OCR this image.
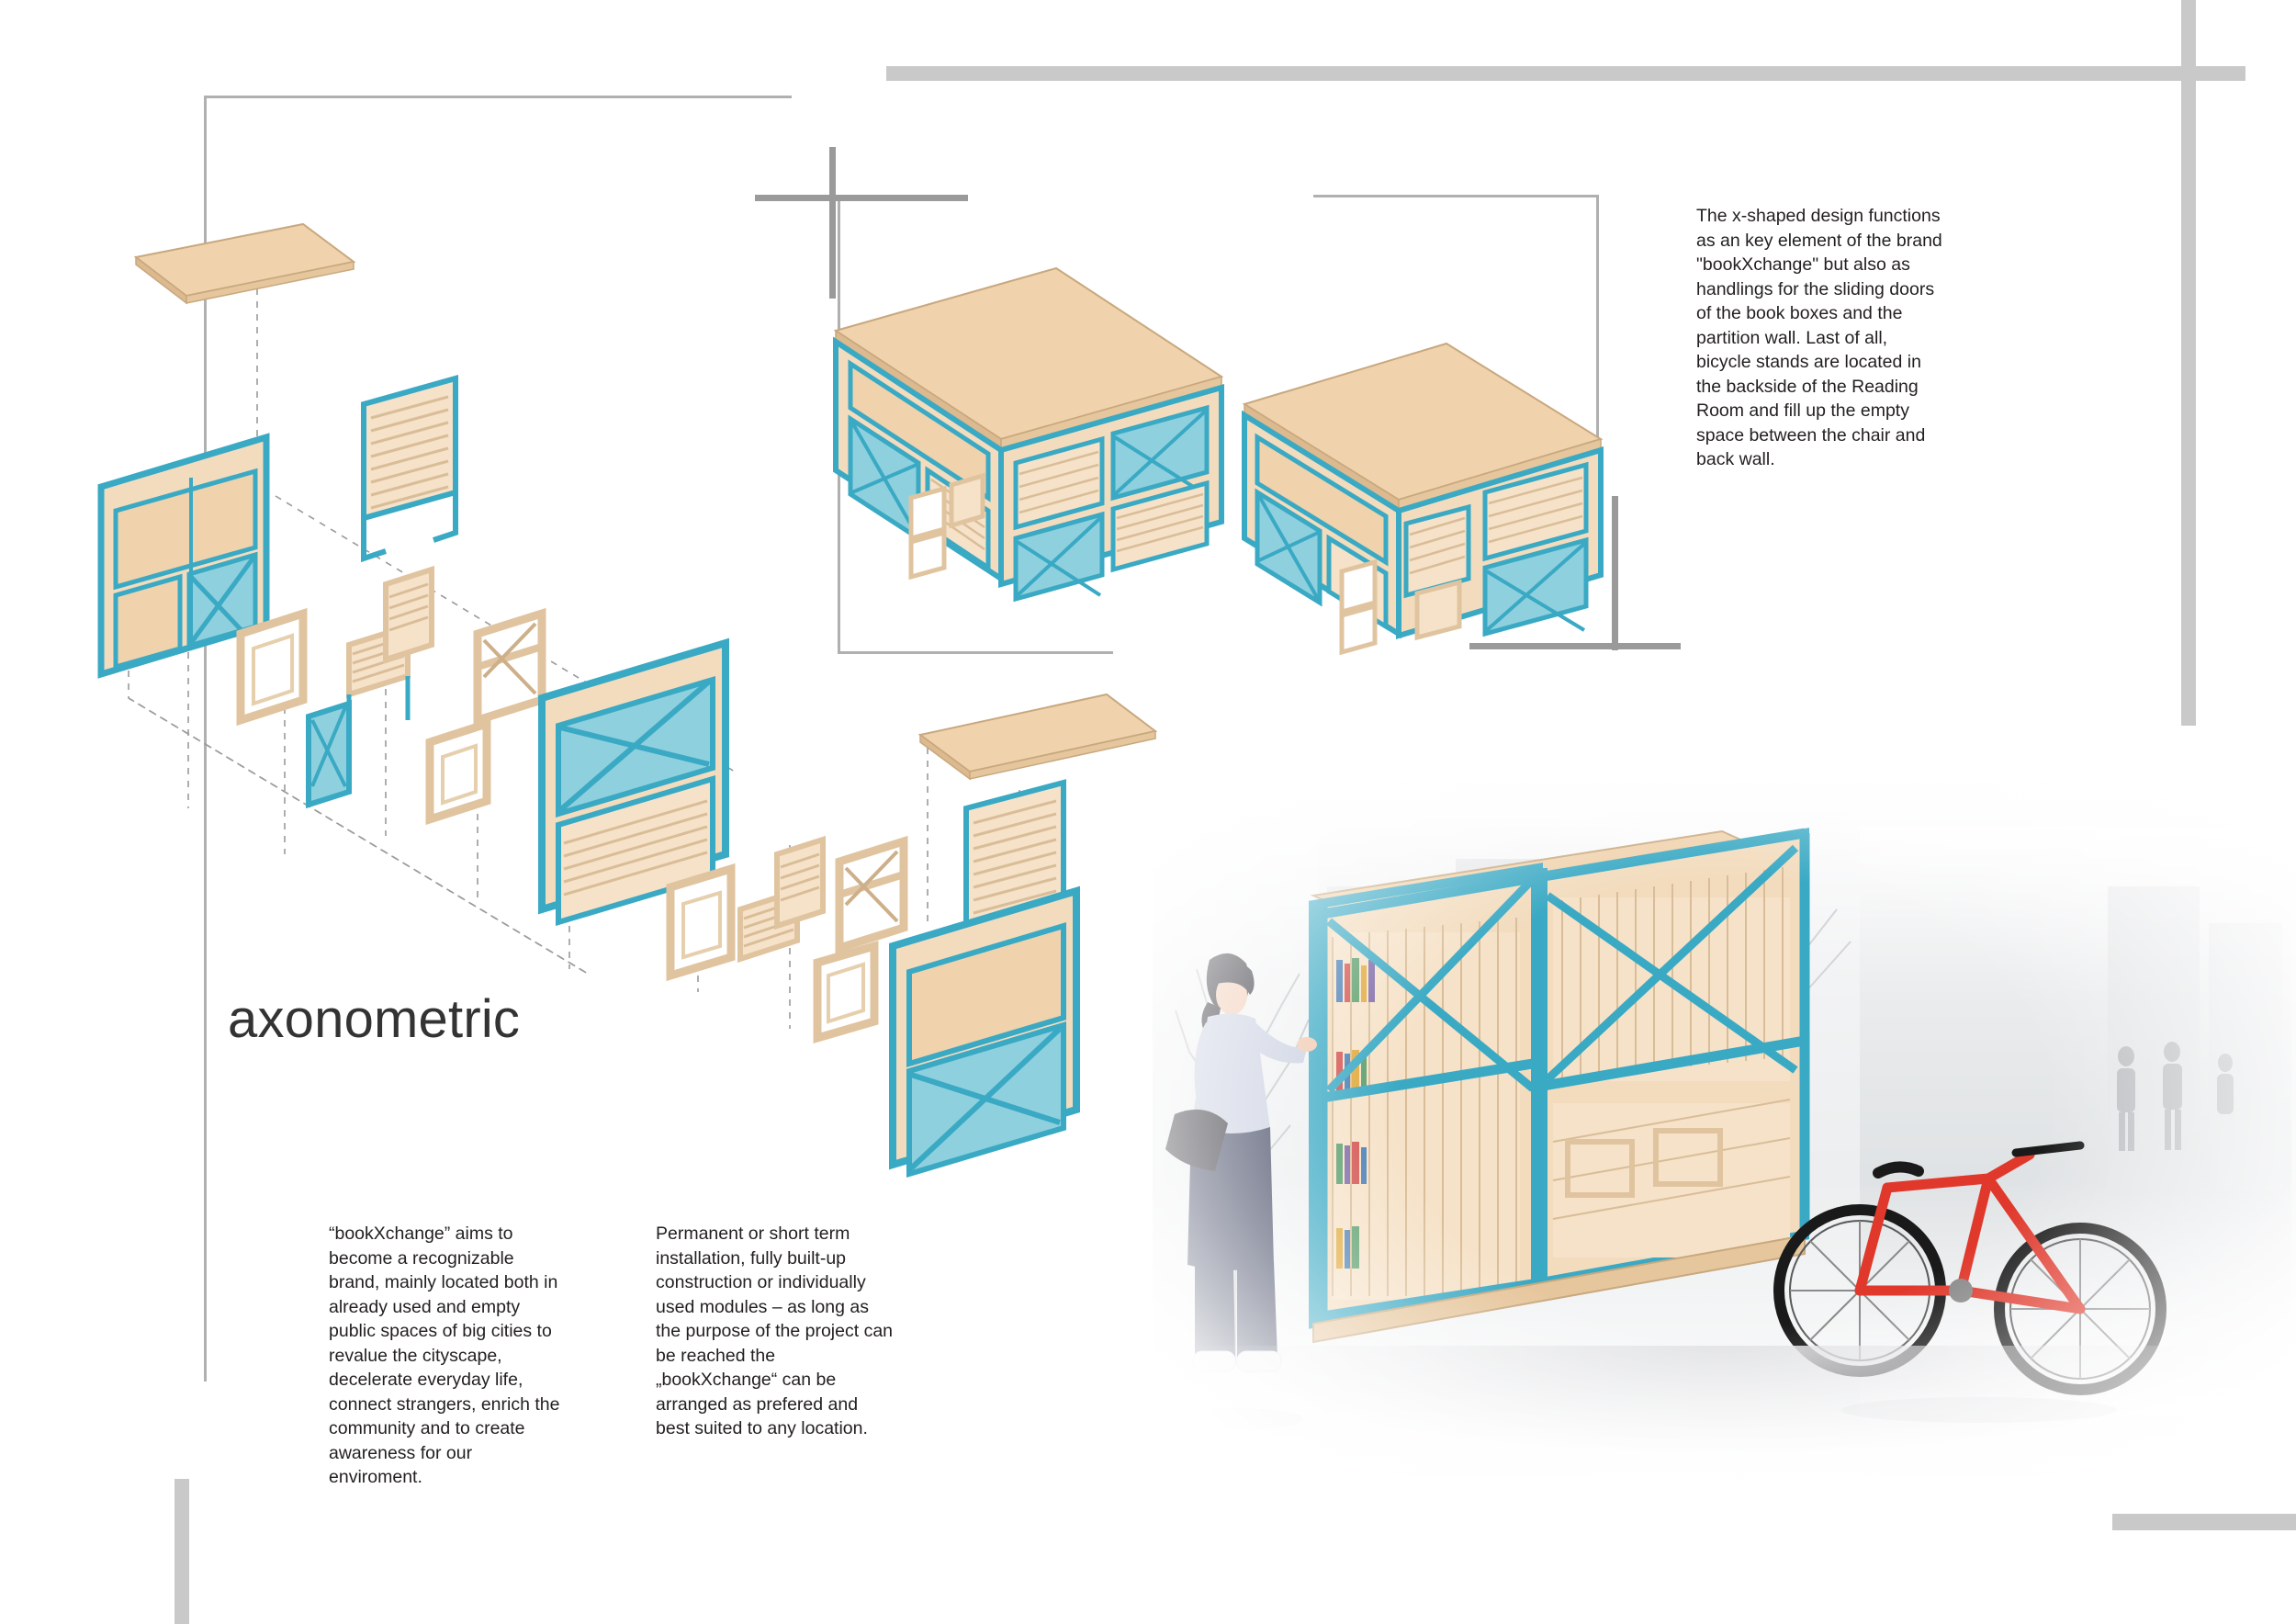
axonometric
The x-shaped design functions as an key element of the brand "bookXchange" but also as handlings for the sliding doors of the book boxes and the partition wall. Last of all, bicycle stands are located in the backside of the Reading Room and fill up the empty space between the chair and back wall.
“bookXchange” aims to become a recognizable brand, mainly located both in already used and empty public spaces of big cities to revalue the cityscape, decelerate everyday life, connect strangers, enrich the community and to create awareness for our enviroment.
Permanent or short term installation, fully built-up construction or individually used modules – as long as the purpose of the project can be reached the „bookXchange“ can be arranged as prefered and best suited to any location.
